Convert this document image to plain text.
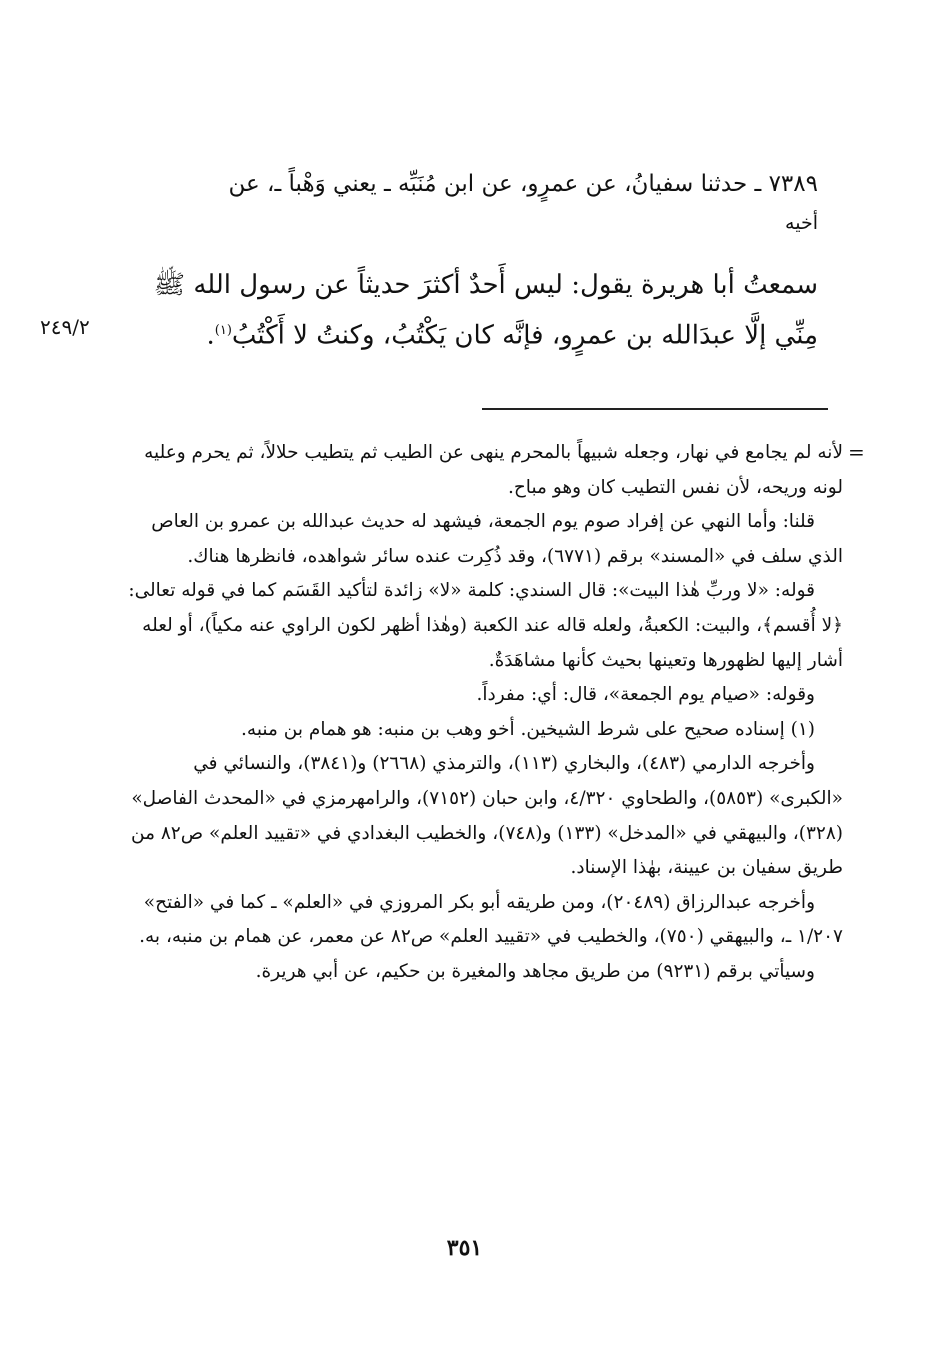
٧٣٨٩ ـ حدثنا سفيانُ، عن عمرٍو، عن ابن مُنَبِّه ـ يعني وَهْباً ـ، عن
أخيه
سمعتُ أبا هريرة يقول: ليس أَحدٌ أكثرَ حديثاً عن رسول الله ﷺ مِنِّي إلَّا عبدَالله بن عمرٍو، فإنَّه كان يَكْتُبُ، وكنتُ لا أَكْتُبُ$^{(١)}$.
٢٤٩/٢
=

لأنه لم يجامع في نهار، وجعله شبيهاً بالمحرم ينهى عن الطيب ثم يتطيب حلالاً، ثم يحرم وعليه لونه وريحه، لأن نفس التطيب كان وهو مباح.

قلنا: وأما النهي عن إفراد صوم يوم الجمعة، فيشهد له حديث عبدالله بن عمرو بن العاص الذي سلف في «المسند» برقم (٦٧٧١)، وقد ذُكِرت عنده سائر شواهده، فانظرها هناك.

قوله: «لا وربِّ هٰذا البيت»: قال السندي: كلمة «لا» زائدة لتأكيد القَسَم كما في قوله تعالى: ﴿لا أُقسم﴾، والبيت: الكعبةُ، ولعله قاله عند الكعبة (وهٰذا أظهر لكون الراوي عنه مكياً)، أو لعله أشار إليها لظهورها وتعينها بحيث كأنها مشاهَدَةٌ.

وقوله: «صيام يوم الجمعة»، قال: أي: مفرداً.

(١) إسناده صحيح على شرط الشيخين. أخو وهب بن منبه: هو همام بن منبه.

وأخرجه الدارمي (٤٨٣)، والبخاري (١١٣)، والترمذي (٢٦٦٨) و(٣٨٤١)، والنسائي في «الكبرى» (٥٨٥٣)، والطحاوي ٤/٣٢٠، وابن حبان (٧١٥٢)، والرامهرمزي في «المحدث الفاصل» (٣٢٨)، والبيهقي في «المدخل» (١٣٣) و(٧٤٨)، والخطيب البغدادي في «تقييد العلم» ص٨٢ من طريق سفيان بن عيينة، بهٰذا الإسناد.

وأخرجه عبدالرزاق (٢٠٤٨٩)، ومن طريقه أبو بكر المروزي في «العلم» ـ كما في «الفتح» ١/٢٠٧ ـ، والبيهقي (٧٥٠)، والخطيب في «تقييد العلم» ص٨٢ عن معمر، عن همام بن منبه، به.

وسيأتي برقم (٩٢٣١) من طريق مجاهد والمغيرة بن حكيم، عن أبي هريرة.

٣٥١
